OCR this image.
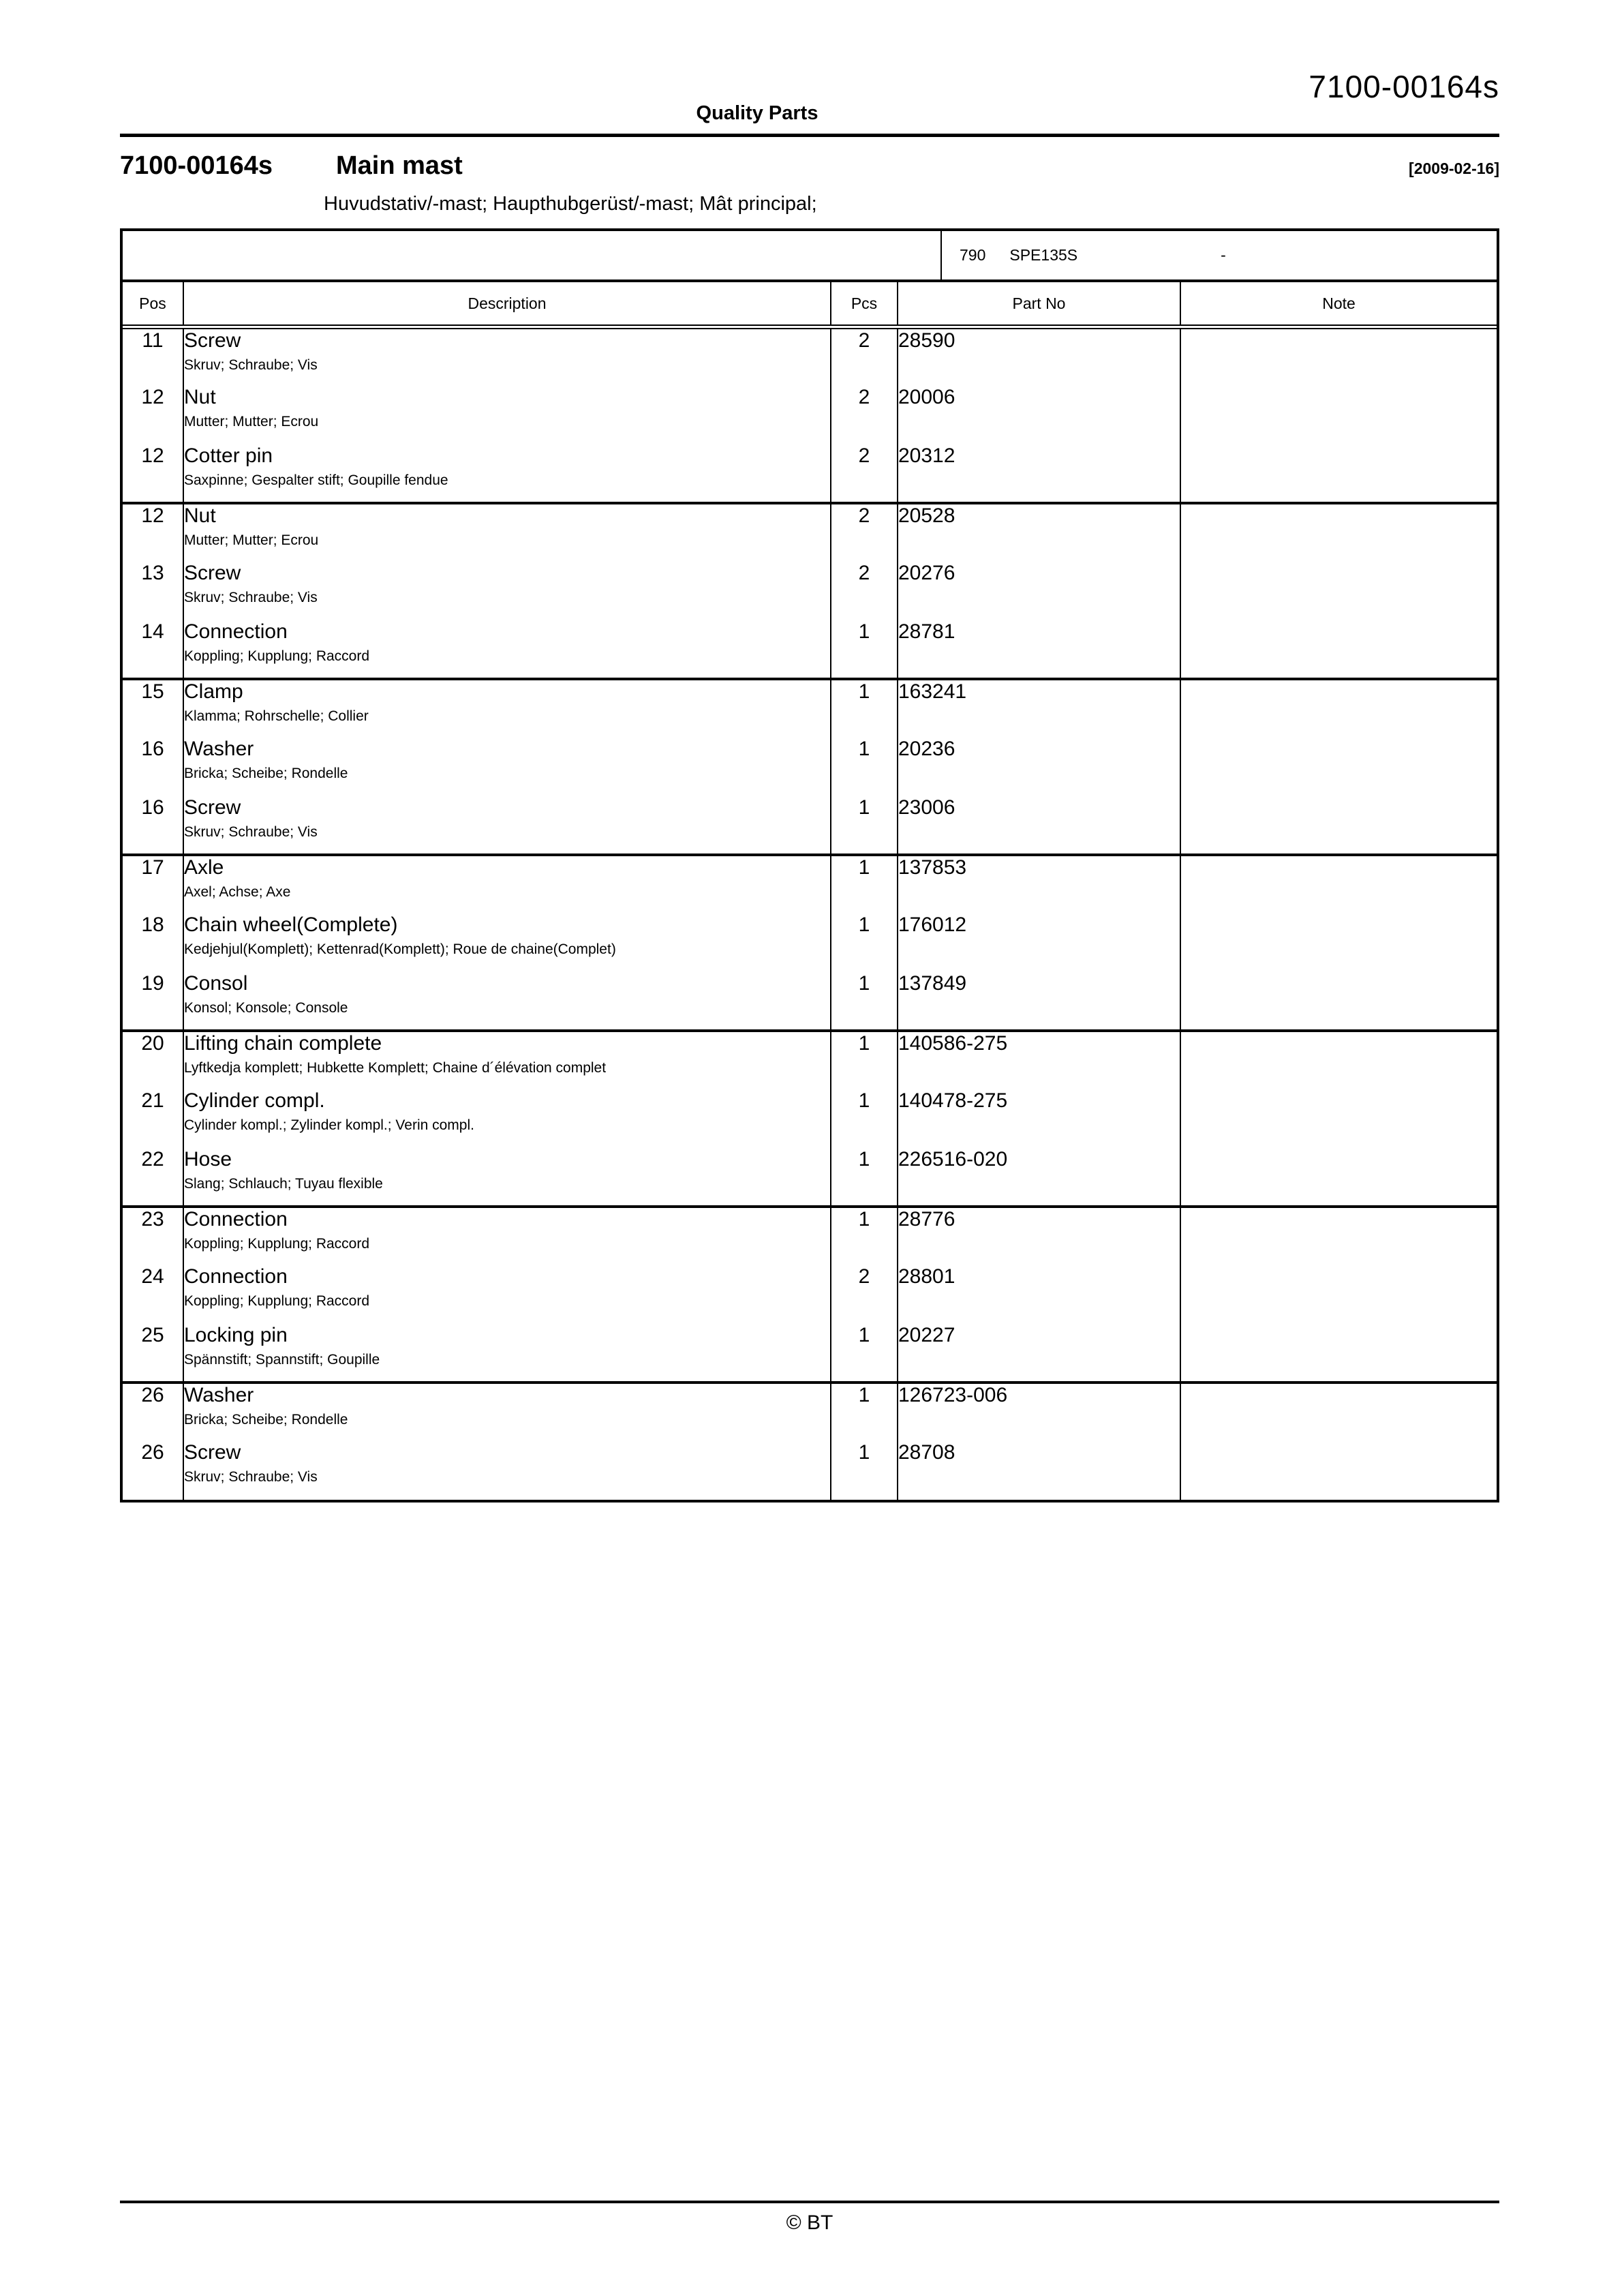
7100-00164s
Quality Parts
7100-00164s Main mast	[2009-02-16]
Huvudstativ/-mast; Haupthubgerüst/-mast; Mât principal;
790 SPE135S	-
Pos	Description	Pcs	Part No	Note
11	Screw
Skruv; Schraube; Vis	2	28590	
12	Nut
Mutter; Mutter; Ecrou	2	20006	
12	Cotter pin
Saxpinne; Gespalter stift; Goupille fendue	2	20312	
12	Nut
Mutter; Mutter; Ecrou	2	20528	
13	Screw
Skruv; Schraube; Vis	2	20276	
14	Connection
Koppling; Kupplung; Raccord	1	28781	
15	Clamp
Klamma; Rohrschelle; Collier	1	163241	
16	Washer
Bricka; Scheibe; Rondelle	1	20236	
16	Screw
Skruv; Schraube; Vis	1	23006	
17	Axle
Axel; Achse; Axe	1	137853	
18	Chain wheel(Complete)
Kedjehjul(Komplett); Kettenrad(Komplett); Roue de chaine(Complet)	1	176012	
19	Consol
Konsol; Konsole; Console	1	137849	
20	Lifting chain complete
Lyftkedja komplett; Hubkette Komplett; Chaine d´élévation complet	1	140586-275	
21	Cylinder compl.
Cylinder kompl.; Zylinder kompl.; Verin compl.	1	140478-275	
22	Hose
Slang; Schlauch; Tuyau flexible	1	226516-020	
23	Connection
Koppling; Kupplung; Raccord	1	28776	
24	Connection
Koppling; Kupplung; Raccord	2	28801	
25	Locking pin
Spännstift; Spannstift; Goupille	1	20227	
26	Washer
Bricka; Scheibe; Rondelle	1	126723-006	
26	Screw
Skruv; Schraube; Vis	1	28708	
© BT
